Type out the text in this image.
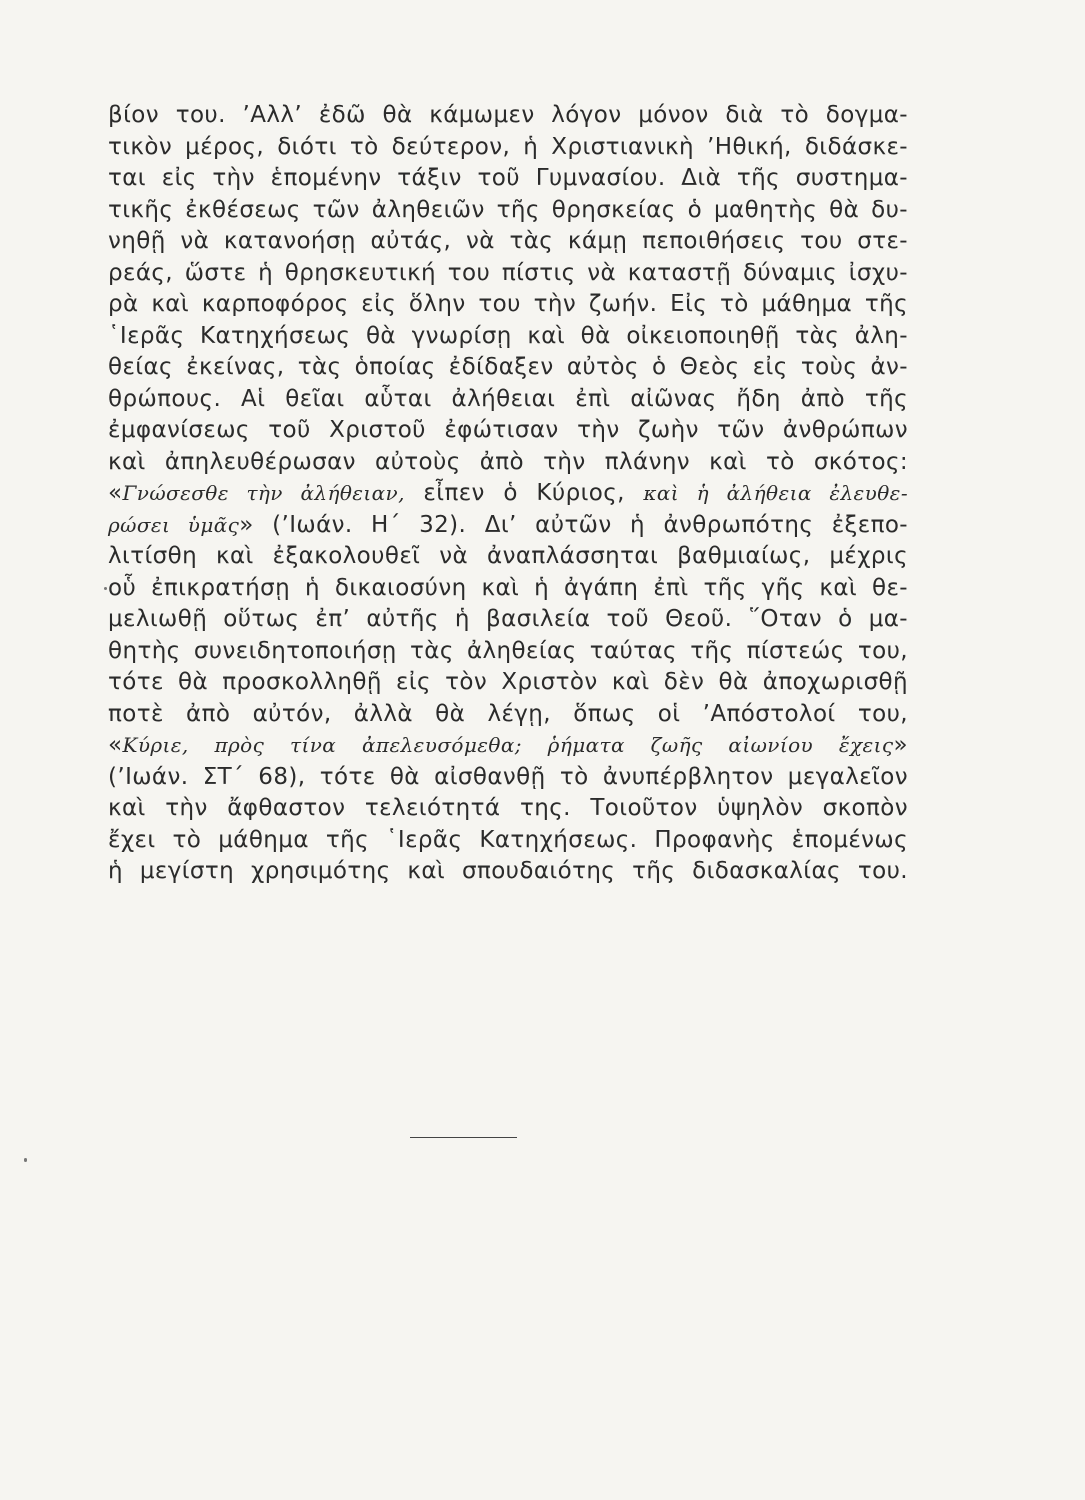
βίον του. ’Αλλ’ ἐδῶ θὰ κάμωμεν λόγον μόνον διὰ τὸ δογμα-
τικὸν μέρος, διότι τὸ δεύτερον, ἡ Χριστιανικὴ ’Ηθική, διδάσκε-
ται εἰς τὴν ἑπομένην τάξιν τοῦ Γυμνασίου. Διὰ τῆς συστημα-
τικῆς ἐκθέσεως τῶν ἀληθειῶν τῆς θρησκείας ὁ μαθητὴς θὰ δυ-
νηθῇ νὰ κατανοήσῃ αὐτάς, νὰ τὰς κάμῃ πεποιθήσεις του στε-
ρεάς, ὥστε ἡ θρησκευτική του πίστις νὰ καταστῇ δύναμις ἰσχυ-
ρὰ καὶ καρποφόρος εἰς ὅλην του τὴν ζωήν. Εἰς τὸ μάθημα τῆς
῾Ιερᾶς Κατηχήσεως θὰ γνωρίσῃ καὶ θὰ οἰκειοποιηθῇ τὰς ἀλη-
θείας ἐκείνας, τὰς ὁποίας ἐδίδαξεν αὐτὸς ὁ Θεὸς εἰς τοὺς ἀν-
θρώπους. Αἱ θεῖαι αὗται ἀλήθειαι ἐπὶ αἰῶνας ἤδη ἀπὸ τῆς
ἐμφανίσεως τοῦ Χριστοῦ ἐφώτισαν τὴν ζωὴν τῶν ἀνθρώπων
καὶ ἀπηλευθέρωσαν αὐτοὺς ἀπὸ τὴν πλάνην καὶ τὸ σκότος:
«Γνώσεσθε τὴν ἀλήθειαν, εἶπεν ὁ Κύριος, καὶ ἡ ἀλήθεια ἐλευθε-
ρώσει ὑμᾶς» (’Ιωάν. Η΄ 32). Δι’ αὐτῶν ἡ ἀνθρωπότης ἐξεπο-
λιτίσθη καὶ ἐξακολουθεῖ νὰ ἀναπλάσσηται βαθμιαίως, μέχρις
οὗ ἐπικρατήσῃ ἡ δικαιοσύνη καὶ ἡ ἀγάπη ἐπὶ τῆς γῆς καὶ θε-
μελιωθῇ οὕτως ἐπ’ αὐτῆς ἡ βασιλεία τοῦ Θεοῦ. ῞Οταν ὁ μα-
θητὴς συνειδητοποιήσῃ τὰς ἀληθείας ταύτας τῆς πίστεώς του,
τότε θὰ προσκολληθῇ εἰς τὸν Χριστὸν καὶ δὲν θὰ ἀποχωρισθῇ
ποτὲ ἀπὸ αὐτόν, ἀλλὰ θὰ λέγῃ, ὅπως οἱ ’Απόστολοί του,
«Κύριε, πρὸς τίνα ἀπελευσόμεθα; ῥήματα ζωῆς αἰωνίου ἔχεις»
(’Ιωάν. ΣΤ΄ 68), τότε θὰ αἰσθανθῇ τὸ ἀνυπέρβλητον μεγαλεῖον
καὶ τὴν ἄφθαστον τελειότητά της. Τοιοῦτον ὑψηλὸν σκοπὸν
ἔχει τὸ μάθημα τῆς ῾Ιερᾶς Κατηχήσεως. Προφανὴς ἑπομένως
ἡ μεγίστη χρησιμότης καὶ σπουδαιότης τῆς διδασκαλίας του.
